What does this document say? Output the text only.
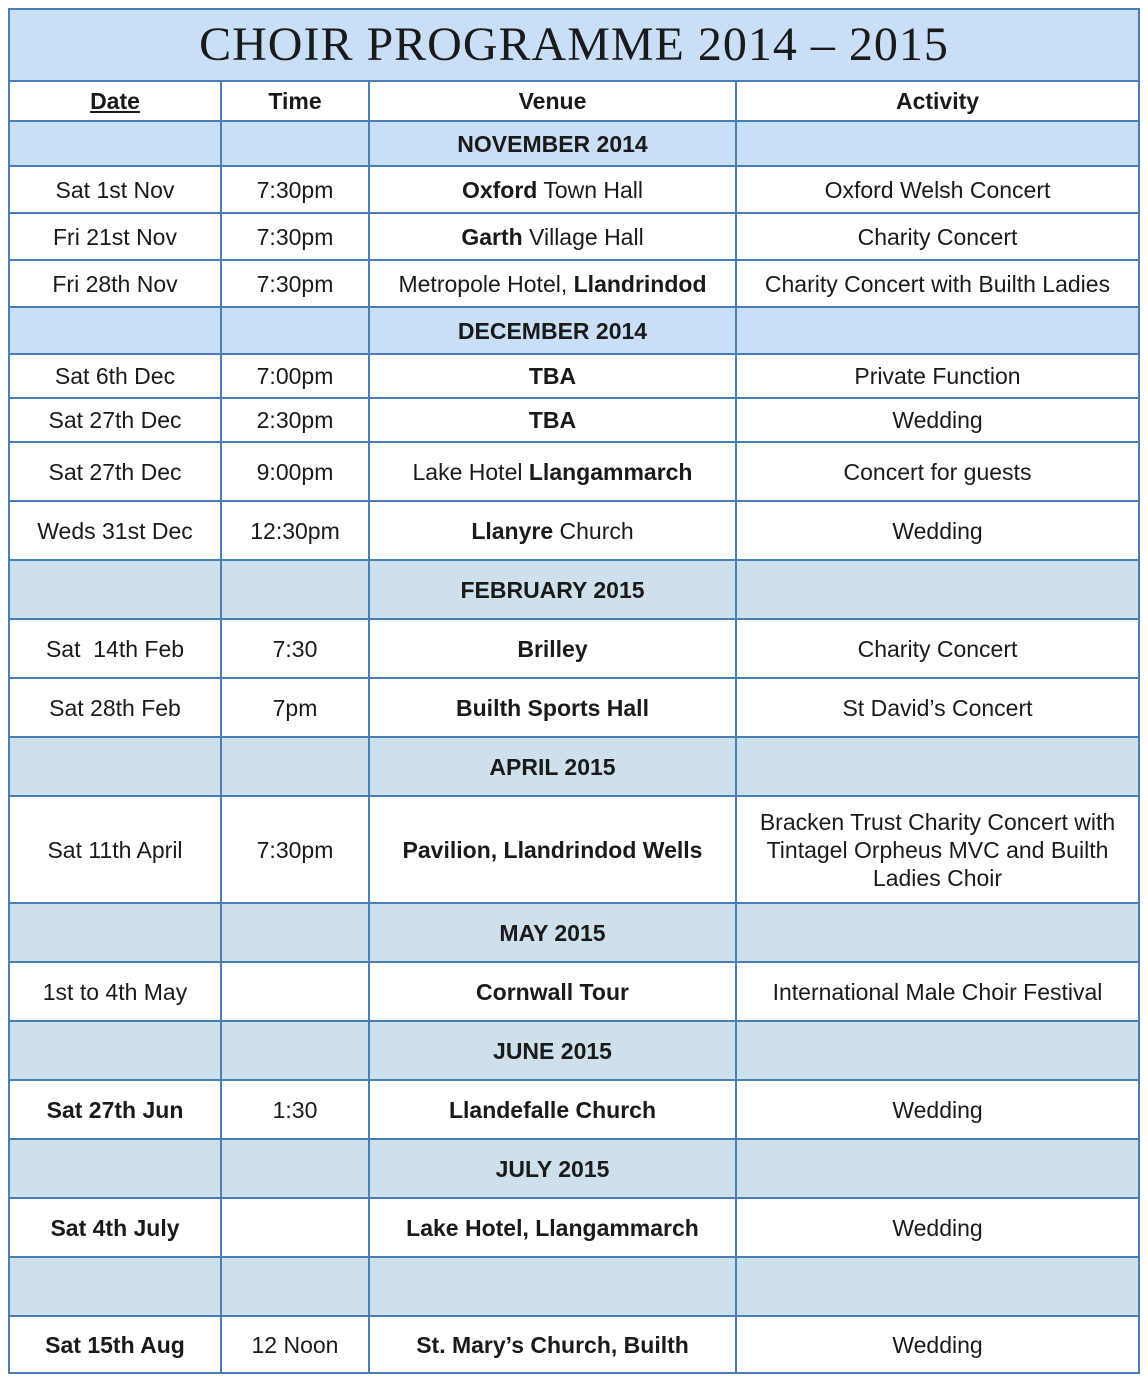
CHOIR PROGRAMME 2014 – 2015			
Date	Time	Venue	Activity
		NOVEMBER 2014	
Sat 1st Nov	7:30pm	Oxford Town Hall	Oxford Welsh Concert
Fri 21st Nov	7:30pm	Garth Village Hall	Charity Concert
Fri 28th Nov	7:30pm	Metropole Hotel, Llandrindod	Charity Concert with Builth Ladies
		DECEMBER 2014	
Sat 6th Dec	7:00pm	TBA	Private Function
Sat 27th Dec	2:30pm	TBA	Wedding
Sat 27th Dec	9:00pm	Lake Hotel Llangammarch	Concert for guests
Weds 31st Dec	12:30pm	Llanyre Church	Wedding
		FEBRUARY 2015	
Sat  14th Feb	7:30	Brilley	Charity Concert
Sat 28th Feb	7pm	Builth Sports Hall	St David’s Concert
		APRIL 2015	
Sat 11th April	7:30pm	Pavilion, Llandrindod Wells	Bracken Trust Charity Concert with Tintagel Orpheus MVC and Builth Ladies Choir
		MAY 2015	
1st to 4th May		Cornwall Tour	International Male Choir Festival
		JUNE 2015	
Sat 27th Jun	1:30	Llandefalle Church	Wedding
		JULY 2015	
Sat 4th July		Lake Hotel, Llangammarch	Wedding

Sat 15th Aug	12 Noon	St. Mary’s Church, Builth	Wedding
